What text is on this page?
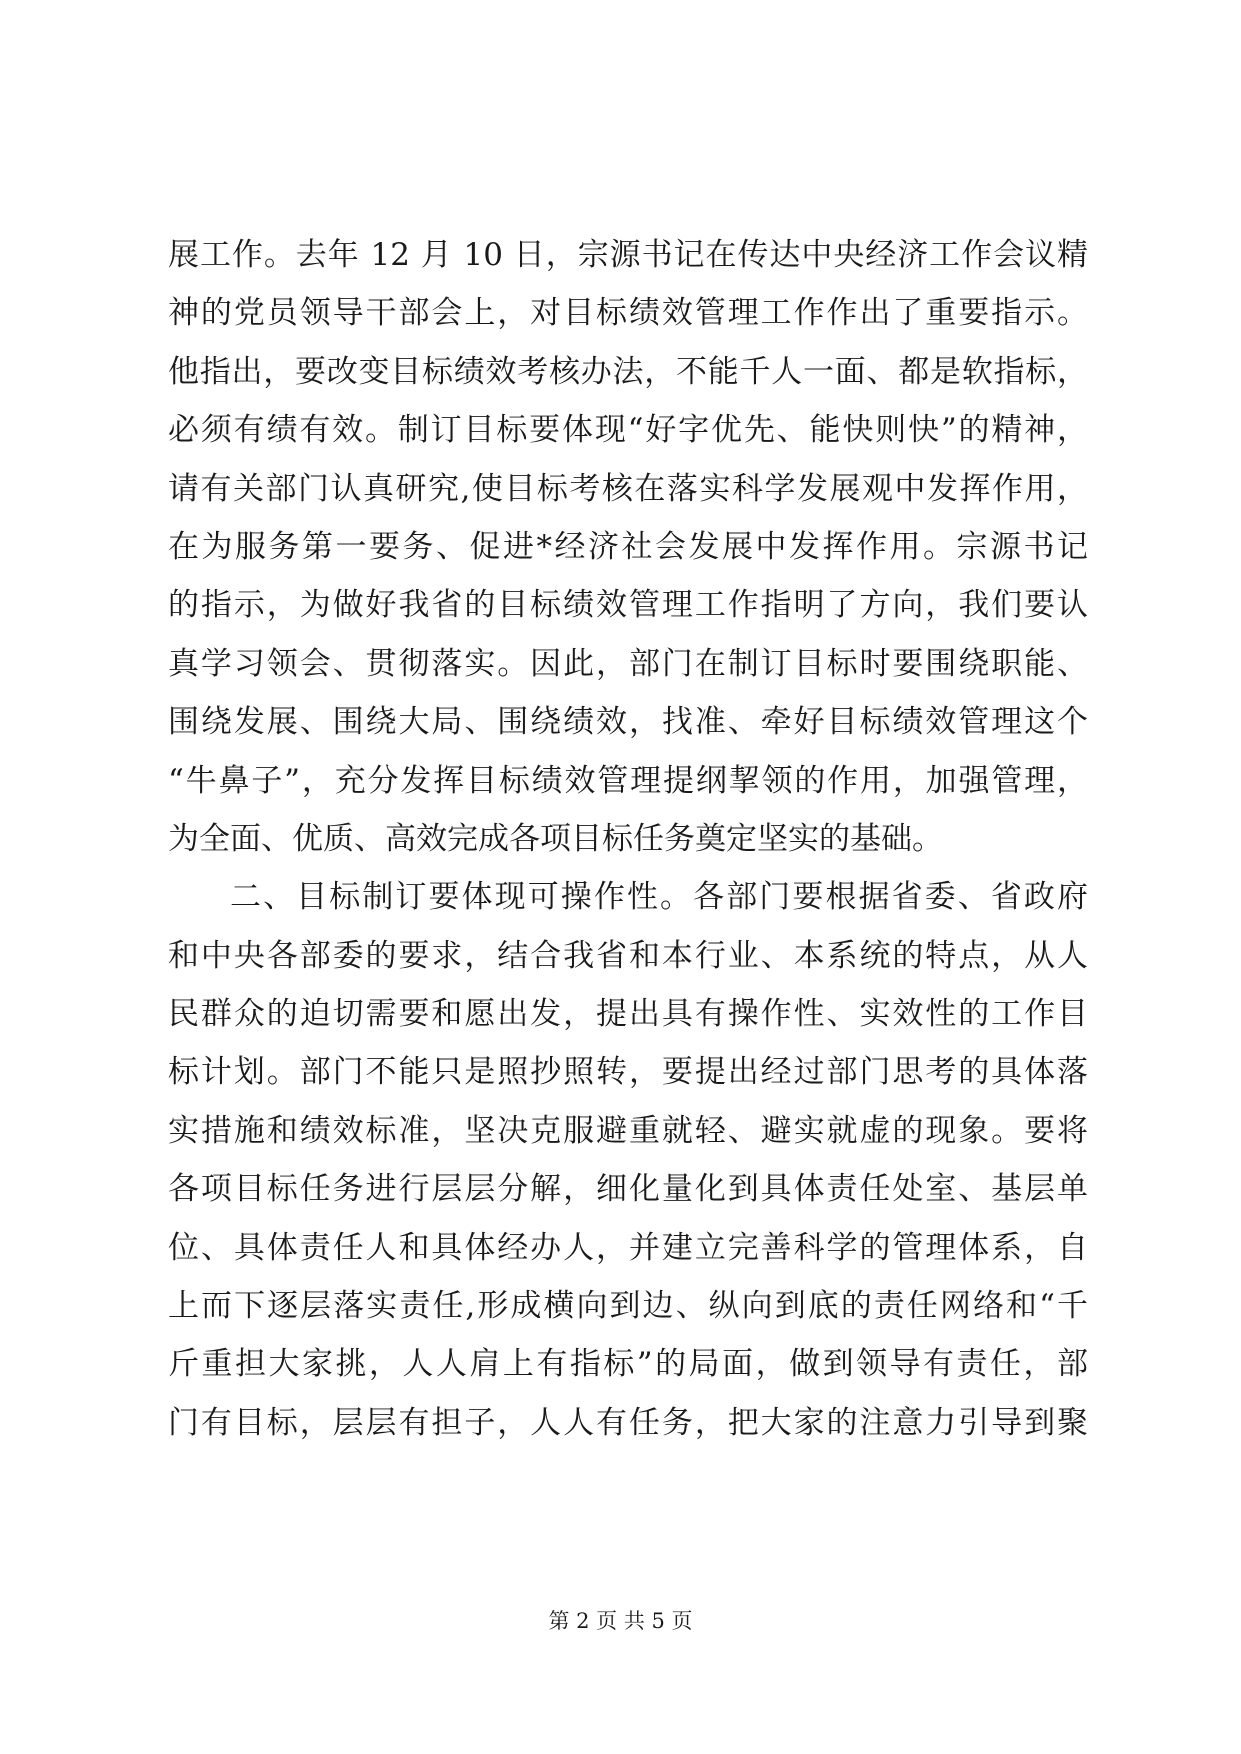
展工作。去年 12 月 10 日，宗源书记在传达中央经济工作会议精
神的党员领导干部会上，对目标绩效管理工作作出了重要指示。
他指出，要改变目标绩效考核办法，不能千人一面、都是软指标，
必须有绩有效。制订目标要体现“好字优先、能快则快”的精神，
请有关部门认真研究,使目标考核在落实科学发展观中发挥作用，
在为服务第一要务、促进*经济社会发展中发挥作用。宗源书记
的指示，为做好我省的目标绩效管理工作指明了方向，我们要认
真学习领会、贯彻落实。因此，部门在制订目标时要围绕职能、
围绕发展、围绕大局、围绕绩效，找准、牵好目标绩效管理这个
“牛鼻子”，充分发挥目标绩效管理提纲挈领的作用，加强管理，
为全面、优质、高效完成各项目标任务奠定坚实的基础。
二、目标制订要体现可操作性。各部门要根据省委、省政府
和中央各部委的要求，结合我省和本行业、本系统的特点，从人
民群众的迫切需要和愿出发，提出具有操作性、实效性的工作目
标计划。部门不能只是照抄照转，要提出经过部门思考的具体落
实措施和绩效标准，坚决克服避重就轻、避实就虚的现象。要将
各项目标任务进行层层分解，细化量化到具体责任处室、基层单
位、具体责任人和具体经办人，并建立完善科学的管理体系，自
上而下逐层落实责任,形成横向到边、纵向到底的责任网络和“千
斤重担大家挑，人人肩上有指标”的局面，做到领导有责任，部
门有目标，层层有担子，人人有任务，把大家的注意力引导到聚
第 2 页 共 5 页
